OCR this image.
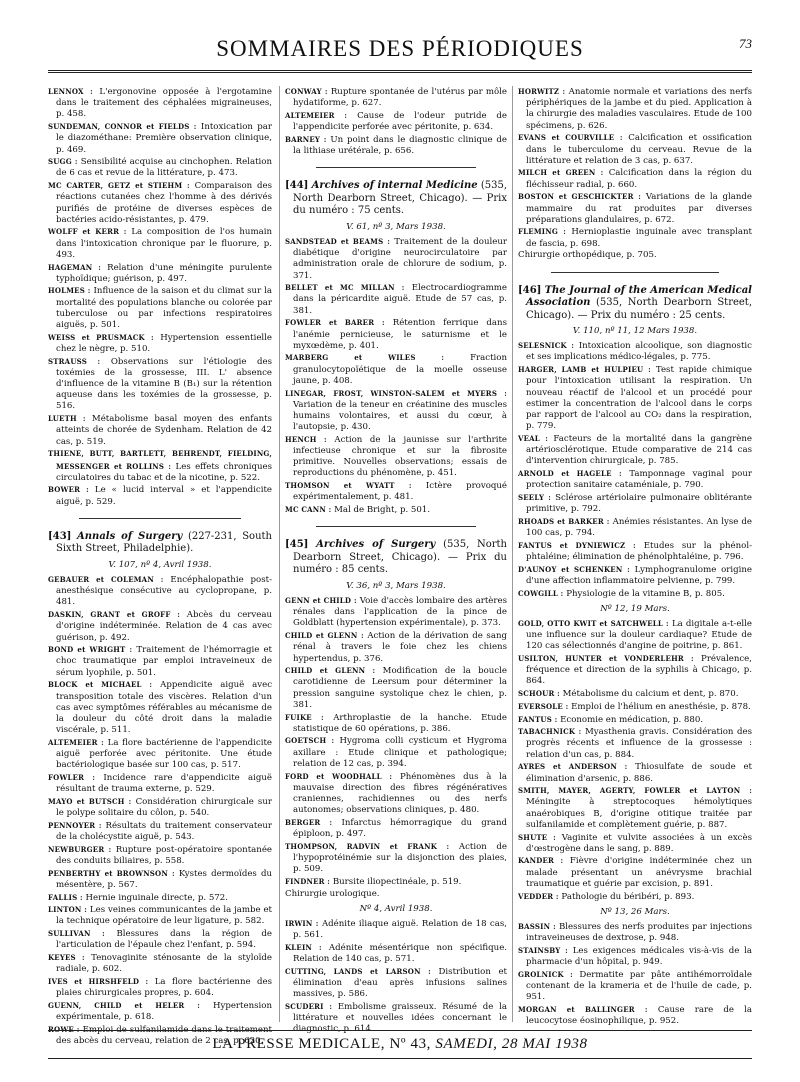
SOMMAIRES DES PÉRIODIQUES	73

LENNOX : L'ergonovine opposée à l'ergotamine dans le traitement des céphalées migraineuses, p. 458.

SUNDEMAN, CONNOR et FIELDS : Intoxication par le diazométhane: Première observation clinique, p. 469.

SUGG : Sensibilité acquise au cinchophen. Relation de 6 cas et revue de la littérature, p. 473.

MC CARTER, GETZ et STIEHM : Comparaison des réactions cutanées chez l'homme à des dérivés purifiés de protéine de diverses espèces de bactéries acido-résistantes, p. 479.

WOLFF et KERR : La composition de l'os humain dans l'intoxication chronique par le fluorure, p. 493.

HAGEMAN : Relation d'une méningite purulente typhoïdique; guérison, p. 497.

HOLMES : Influence de la saison et du climat sur la mortalité des populations blanche ou colorée par tuberculose ou par infections respiratoires aiguës, p. 501.

WEISS et PRUSMACK : Hypertension essentielle chez le nègre, p. 510.

STRAUSS : Observations sur l'étiologie des toxémies de la grossesse, III. L' absence d'influence de la vitamine B (B₁) sur la rétention aqueuse dans les toxémies de la grossesse, p. 516.

LUETH : Métabolisme basal moyen des enfants atteints de chorée de Sydenham. Relation de 42 cas, p. 519.

THIENE, BUTT, BARTLETT, BEHRENDT, FIELDING, MESSENGER et ROLLINS : Les effets chroniques circulatoires du tabac et de la nicotine, p. 522.

BOWER : Le « lucid interval » et l'appendicite aiguë, p. 529.

[43] Annals of Surgery (227-231, South Sixth Street, Philadelphie).

V. 107, nº 4, Avril 1938.

GEBAUER et COLEMAN : Encéphalopathie post-anesthésique consécutive au cyclopropane, p. 481.

DASKIN, GRANT et GROFF : Abcès du cerveau d'origine indéterminée. Relation de 4 cas avec guérison, p. 492.

BOND et WRIGHT : Traitement de l'hémorragie et choc traumatique par emploi intraveineux de sérum lyophile, p. 501.

BLOCK et MICHAEL : Appendicite aiguë avec transposition totale des viscères. Relation d'un cas avec symptômes référables au mécanisme de la douleur du côté droit dans la maladie viscérale, p. 511.

ALTEMEIER : La flore bactérienne de l'appendicite aiguë perforée avec péritonite. Une étude bactériologique basée sur 100 cas, p. 517.

FOWLER : Incidence rare d'appendicite aiguë résultant de trauma externe, p. 529.

MAYO et BUTSCH : Considération chirurgicale sur le polype solitaire du côlon, p. 540.

PENNOYER : Résultats du traitement conservateur de la cholécystite aiguë, p. 543.

NEWBURGER : Rupture post-opératoire spontanée des conduits biliaires, p. 558.

PENBERTHY et BROWNSON : Kystes dermoïdes du mésentère, p. 567.

FALLIS : Hernie inguinale directe, p. 572.

LINTON : Les veines communicantes de la jambe et la technique opératoire de leur ligature, p. 582.

SULLIVAN : Blessures dans la région de l'articulation de l'épaule chez l'enfant, p. 594.

KEYES : Tenovaginite sténosante de la styloïde radiale, p. 602.

IVES et HIRSHFELD : La flore bactérienne des plaies chirurgicales propres, p. 604.

GUENN, CHILD et HELER : Hypertension expérimentale, p. 618.

ROWE : Emploi de sulfanilamide dans le traitement des abcès du cerveau, relation de 2 cas, p. 620.

CONWAY : Rupture spontanée de l'utérus par môle hydatiforme, p. 627.

ALTEMEIER : Cause de l'odeur putride de l'appendicite perforée avec péritonite, p. 634.

BARNEY : Un point dans le diagnostic clinique de la lithiase urétérale, p. 656.

[44] Archives of internal Medicine (535, North Dearborn Street, Chicago). — Prix du numéro : 75 cents.

V. 61, nº 3, Mars 1938.

SANDSTEAD et BEAMS : Traitement de la douleur diabétique d'origine neurocirculatoire par administration orale de chlorure de sodium, p. 371.

BELLET et MC MILLAN : Electrocardiogramme dans la péricardite aiguë. Etude de 57 cas, p. 381.

FOWLER et BARER : Rétention ferrique dans l'anémie pernicieuse, le saturnisme et le myxœdème, p. 401.

MARBERG et WILES :	Fraction granulocytopoïétique de la moelle osseuse jaune, p. 408.

LINEGAR, FROST, WINSTON-SALEM et MYERS : Variation de la teneur en créatinine des muscles humains volontaires, et aussi du cœur, à l'autopsie, p. 430.

HENCH : Action de la jaunisse sur l'arthrite infectieuse chronique et sur la fibrosite primitive. Nouvelles observations; essais de reproductions du phénomène, p. 451.

THOMSON et WYATT : Ictère provoqué expérimentalement, p. 481.

MC CANN : Mal de Bright, p. 501.

[45] Archives of Surgery (535, North Dearborn Street, Chicago). — Prix du numéro : 85 cents.

V. 36, nº 3, Mars 1938.

GENN et CHILD : Voie d'accès lombaire des artères rénales dans l'application de la pince de Goldblatt (hypertension expérimentale), p. 373.

CHILD et GLENN : Action de la dérivation de sang rénal à travers le foie chez les chiens hypertendus, p. 376.

CHILD et GLENN : Modification de la boucle carotidienne de Leersum pour déterminer la pression sanguine systolique chez le chien, p. 381.

FUIKE : Arthroplastie de la hanche. Etude statistique de 60 opérations, p. 386.

GOETSCH : Hygroma colli cysticum et Hygroma axillare : Etude clinique et pathologique; relation de 12 cas, p. 394.

FORD et WOODHALL : Phénomènes dus à la mauvaise direction des fibres régénératives craniennes, rachidiennes ou des nerfs autonomes; observations cliniques, p. 480.

BERGER : Infarctus hémorragique du grand épiploon, p. 497.

THOMPSON, RADVIN et FRANK : Action de l'hypoprotéinémie sur la disjonction des plaies, p. 509.

FINDNER : Bursite iliopectinéale, p. 519.

Chirurgie urologique.

Nº 4, Avril 1938.

IRWIN : Adénite iliaque aiguë. Relation de 18 cas, p. 561.

KLEIN : Adénite mésentérique non spécifique. Relation de 140 cas, p. 571.

CUTTING, LANDS et LARSON : Distribution et élimination d'eau après infusions salines massives, p. 586.

SCUDERI : Embolisme graisseux. Résumé de la littérature et nouvelles idées concernant le diagnostic, p. 614.

HORWITZ : Anatomie normale et variations des nerfs périphériques de la jambe et du pied. Application à la chirurgie des maladies vasculaires. Etude de 100 spécimens, p. 626.

EVANS et COURVILLE : Calcification et ossification dans le tuberculome du cerveau. Revue de la littérature et relation de 3 cas, p. 637.

MILCH et GREEN : Calcification dans la région du fléchisseur radial, p. 660.

BOSTON et GESCHICKTER : Variations de la glande mammaire du rat produites par diverses préparations glandulaires, p. 672.

FLEMING : Hernioplastie inguinale avec transplant de fascia, p. 698.

Chirurgie orthopédique, p. 705.

[46] The Journal of the American Medical Association (535, North Dearborn Street, Chicago). — Prix du numéro : 25 cents.

V. 110, nº 11, 12 Mars 1938.

SELESNICK : Intoxication alcoolique, son diagnostic et ses implications médico-légales, p. 775.

HARGER, LAMB et HULPIEU : Test rapide chimique pour l'intoxication utilisant la respiration. Un nouveau réactif de l'alcool et un procédé pour estimer la concentration de l'alcool dans le corps par rapport de l'alcool au CO₂ dans la respiration, p. 779.

VEAL : Facteurs de la mortalité dans la gangrène artériosclérotique. Etude comparative de 214 cas d'intervention chirurgicale, p. 785.

ARNOLD et HAGELE : Tamponnage vaginal pour protection sanitaire cataméniale, p. 790.

SEELY : Sclérose artériolaire pulmonaire oblitérante primitive, p. 792.

RHOADS et BARKER : Anémies résistantes. An lyse de 100 cas, p. 794.

FANTUS et DYNIEWICZ : Etudes sur la phénol-phtaléine; élimination de phénolphtaléine, p. 796.

D'AUNOY et SCHENKEN : Lymphogranulome origine d'une affection inflammatoire pelvienne, p. 799.

COWGILL : Physiologie de la vitamine B, p. 805.

Nº 12, 19 Mars.

GOLD, OTTO KWIT et SATCHWELL : La digitale a-t-elle une influence sur la douleur cardiaque? Etude de 120 cas sélectionnés d'angine de poitrine, p. 861.

USILTON, HUNTER et VONDERLEHR : Prévalence, fréquence et direction de la syphilis à Chicago, p. 864.

SCHOUR : Métabolisme du calcium et dent, p. 870.

EVERSOLE : Emploi de l'hélium en anesthésie, p. 878.

FANTUS : Economie en médication, p. 880.

TABACHNICK : Myasthenia gravis. Considération des progrès récents et influence de la grossesse : relation d'un cas, p. 884.

AYRES et ANDERSON : Thiosulfate de soude et élimination d'arsenic, p. 886.

SMITH, MAYER, AGERTY, FOWLER et LAYTON : Méningite à streptocoques hémolytiques anaérobiques B, d'origine otitique traitée par sulfanilamide et complètement guérie, p. 887.

SHUTE : Vaginite et vulvite associées à un excès d'œstrogène dans le sang, p. 889.

KANDER : Fièvre d'origine indéterminée chez un malade présentant un anévrysme brachial traumatique et guérie par excision, p. 891.

VEDDER : Pathologie du béribéri, p. 893.

Nº 13, 26 Mars.

BASSIN : Blessures des nerfs produites par injections intraveineuses de dextrose, p. 948.

STAINSBY : Les exigences médicales vis-à-vis de la pharmacie d'un hôpital, p. 949.

GROLNICK : Dermatite par pâte antihémorroïdale contenant de la krameria et de l'huile de cade, p. 951.

MORGAN et BALLINGER : Cause rare de la leucocytose éosinophilique, p. 952.

LA PRESSE MEDICALE, Nº 43, SAMEDI, 28 MAI 1938
